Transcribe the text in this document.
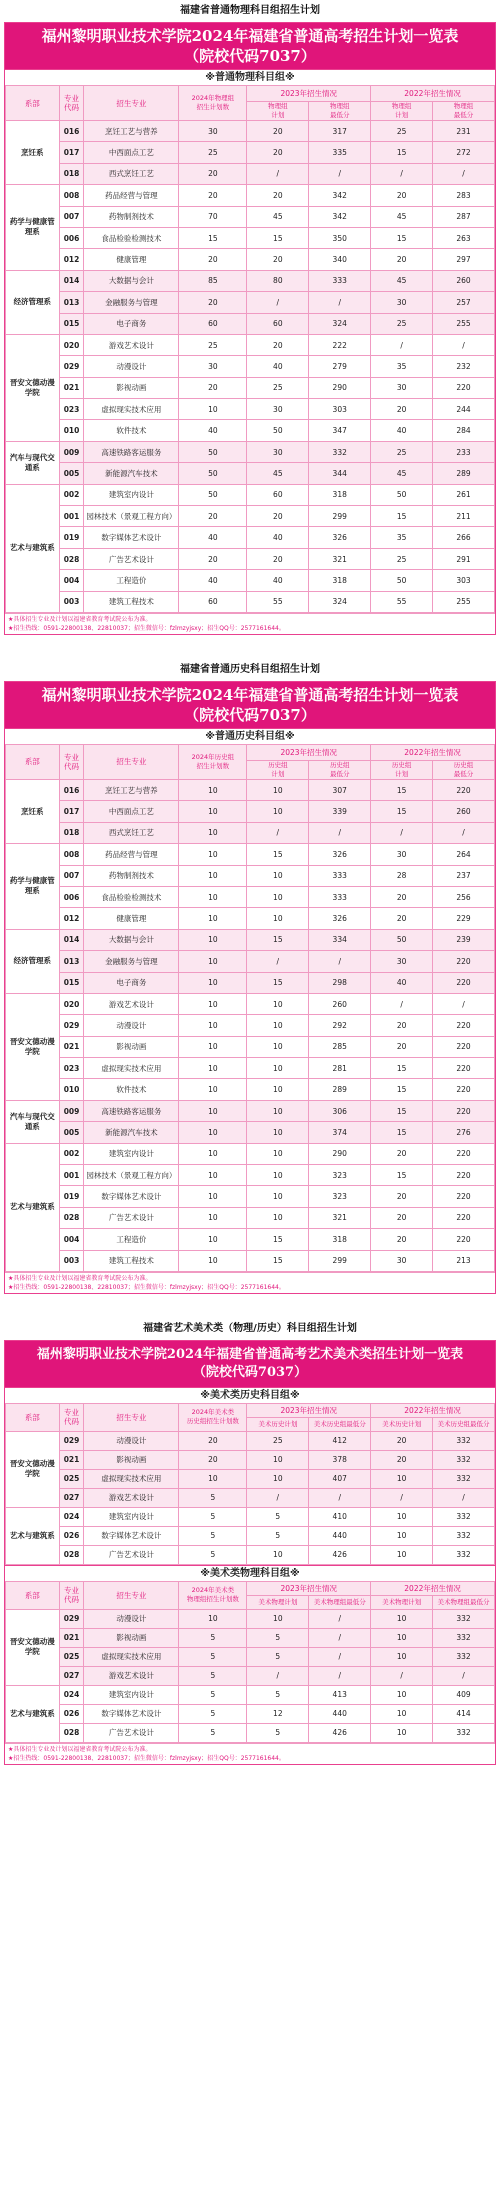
福建省普通物理科目组招生计划
福州黎明职业技术学院2024年福建省普通高考招生计划一览表
（院校代码7037）
※普通物理科目组※
系部	专业
代码	招生专业	2024年物理组
招生计划数	2023年招生情况		2022年招生情况	
				物理组
计划	物理组
最低分	物理组
计划	物理组
最低分
烹饪系	016	烹饪工艺与营养	30	20	317	25	231
	017	中西面点工艺	25	20	335	15	272
	018	西式烹饪工艺	20	/	/	/	/
药学与健康管理系	008	药品经营与管理	20	20	342	20	283
	007	药物制剂技术	70	45	342	45	287
	006	食品检验检测技术	15	15	350	15	263
	012	健康管理	20	20	340	20	297
经济管理系	014	大数据与会计	85	80	333	45	260
	013	金融服务与管理	20	/	/	30	257
	015	电子商务	60	60	324	25	255
晋安文德动漫学院	020	游戏艺术设计	25	20	222	/	/
	029	动漫设计	30	40	279	35	232
	021	影视动画	20	25	290	30	220
	023	虚拟现实技术应用	10	30	303	20	244
	010	软件技术	40	50	347	40	284
汽车与现代交通系	009	高速铁路客运服务	50	30	332	25	233
	005	新能源汽车技术	50	45	344	45	289
艺术与建筑系	002	建筑室内设计	50	60	318	50	261
	001	园林技术（景观工程方向）	20	20	299	15	211
	019	数字媒体艺术设计	40	40	326	35	266
	028	广告艺术设计	20	20	321	25	291
	004	工程造价	40	40	318	50	303
	003	建筑工程技术	60	55	324	55	255
★具体招生专业及计划以福建省教育考试院公布为准。
★招生热线：0591-22800138、22810037；招生微信号：fzlmzyjsxy；招生QQ号：2577161644。
福建省普通历史科目组招生计划
福州黎明职业技术学院2024年福建省普通高考招生计划一览表
（院校代码7037）
※普通历史科目组※
系部	专业
代码	招生专业	2024年历史组
招生计划数	2023年招生情况		2022年招生情况	
				历史组
计划	历史组
最低分	历史组
计划	历史组
最低分
烹饪系	016	烹饪工艺与营养	10	10	307	15	220
	017	中西面点工艺	10	10	339	15	260
	018	西式烹饪工艺	10	/	/	/	/
药学与健康管理系	008	药品经营与管理	10	15	326	30	264
	007	药物制剂技术	10	10	333	28	237
	006	食品检验检测技术	10	10	333	20	256
	012	健康管理	10	10	326	20	229
经济管理系	014	大数据与会计	10	15	334	50	239
	013	金融服务与管理	10	/	/	30	220
	015	电子商务	10	15	298	40	220
晋安文德动漫学院	020	游戏艺术设计	10	10	260	/	/
	029	动漫设计	10	10	292	20	220
	021	影视动画	10	10	285	20	220
	023	虚拟现实技术应用	10	10	281	15	220
	010	软件技术	10	10	289	15	220
汽车与现代交通系	009	高速铁路客运服务	10	10	306	15	220
	005	新能源汽车技术	10	10	374	15	276
艺术与建筑系	002	建筑室内设计	10	10	290	20	220
	001	园林技术（景观工程方向）	10	10	323	15	220
	019	数字媒体艺术设计	10	10	323	20	220
	028	广告艺术设计	10	10	321	20	220
	004	工程造价	10	15	318	20	220
	003	建筑工程技术	10	15	299	30	213
★具体招生专业及计划以福建省教育考试院公布为准。
★招生热线：0591-22800138、22810037；招生微信号：fzlmzyjsxy；招生QQ号：2577161644。
福建省艺术美术类（物理/历史）科目组招生计划
福州黎明职业技术学院2024年福建省普通高考艺术美术类招生计划一览表
（院校代码7037）
※美术类历史科目组※
系部	专业
代码	招生专业	2024年美术类
历史组招生计划数	2023年招生情况		2022年招生情况	
				美术历史计划	美术历史组最低分	美术历史计划	美术历史组最低分
晋安文德动漫学院	029	动漫设计	20	25	412	20	332
	021	影视动画	20	10	378	20	332
	025	虚拟现实技术应用	10	10	407	10	332
	027	游戏艺术设计	5	/	/	/	/
艺术与建筑系	024	建筑室内设计	5	5	410	10	332
	026	数字媒体艺术设计	5	5	440	10	332
	028	广告艺术设计	5	10	426	10	332
※美术类物理科目组※
系部	专业
代码	招生专业	2024年美术类
物理组招生计划数	2023年招生情况		2022年招生情况	
				美术物理计划	美术物理组最低分	美术物理计划	美术物理组最低分
晋安文德动漫学院	029	动漫设计	10	10	/	10	332
	021	影视动画	5	5	/	10	332
	025	虚拟现实技术应用	5	5	/	10	332
	027	游戏艺术设计	5	/	/	/	/
艺术与建筑系	024	建筑室内设计	5	5	413	10	409
	026	数字媒体艺术设计	5	12	440	10	414
	028	广告艺术设计	5	5	426	10	332
★具体招生专业及计划以福建省教育考试院公布为准。
★招生热线：0591-22800138、22810037；招生微信号：fzlmzyjsxy；招生QQ号：2577161644。
